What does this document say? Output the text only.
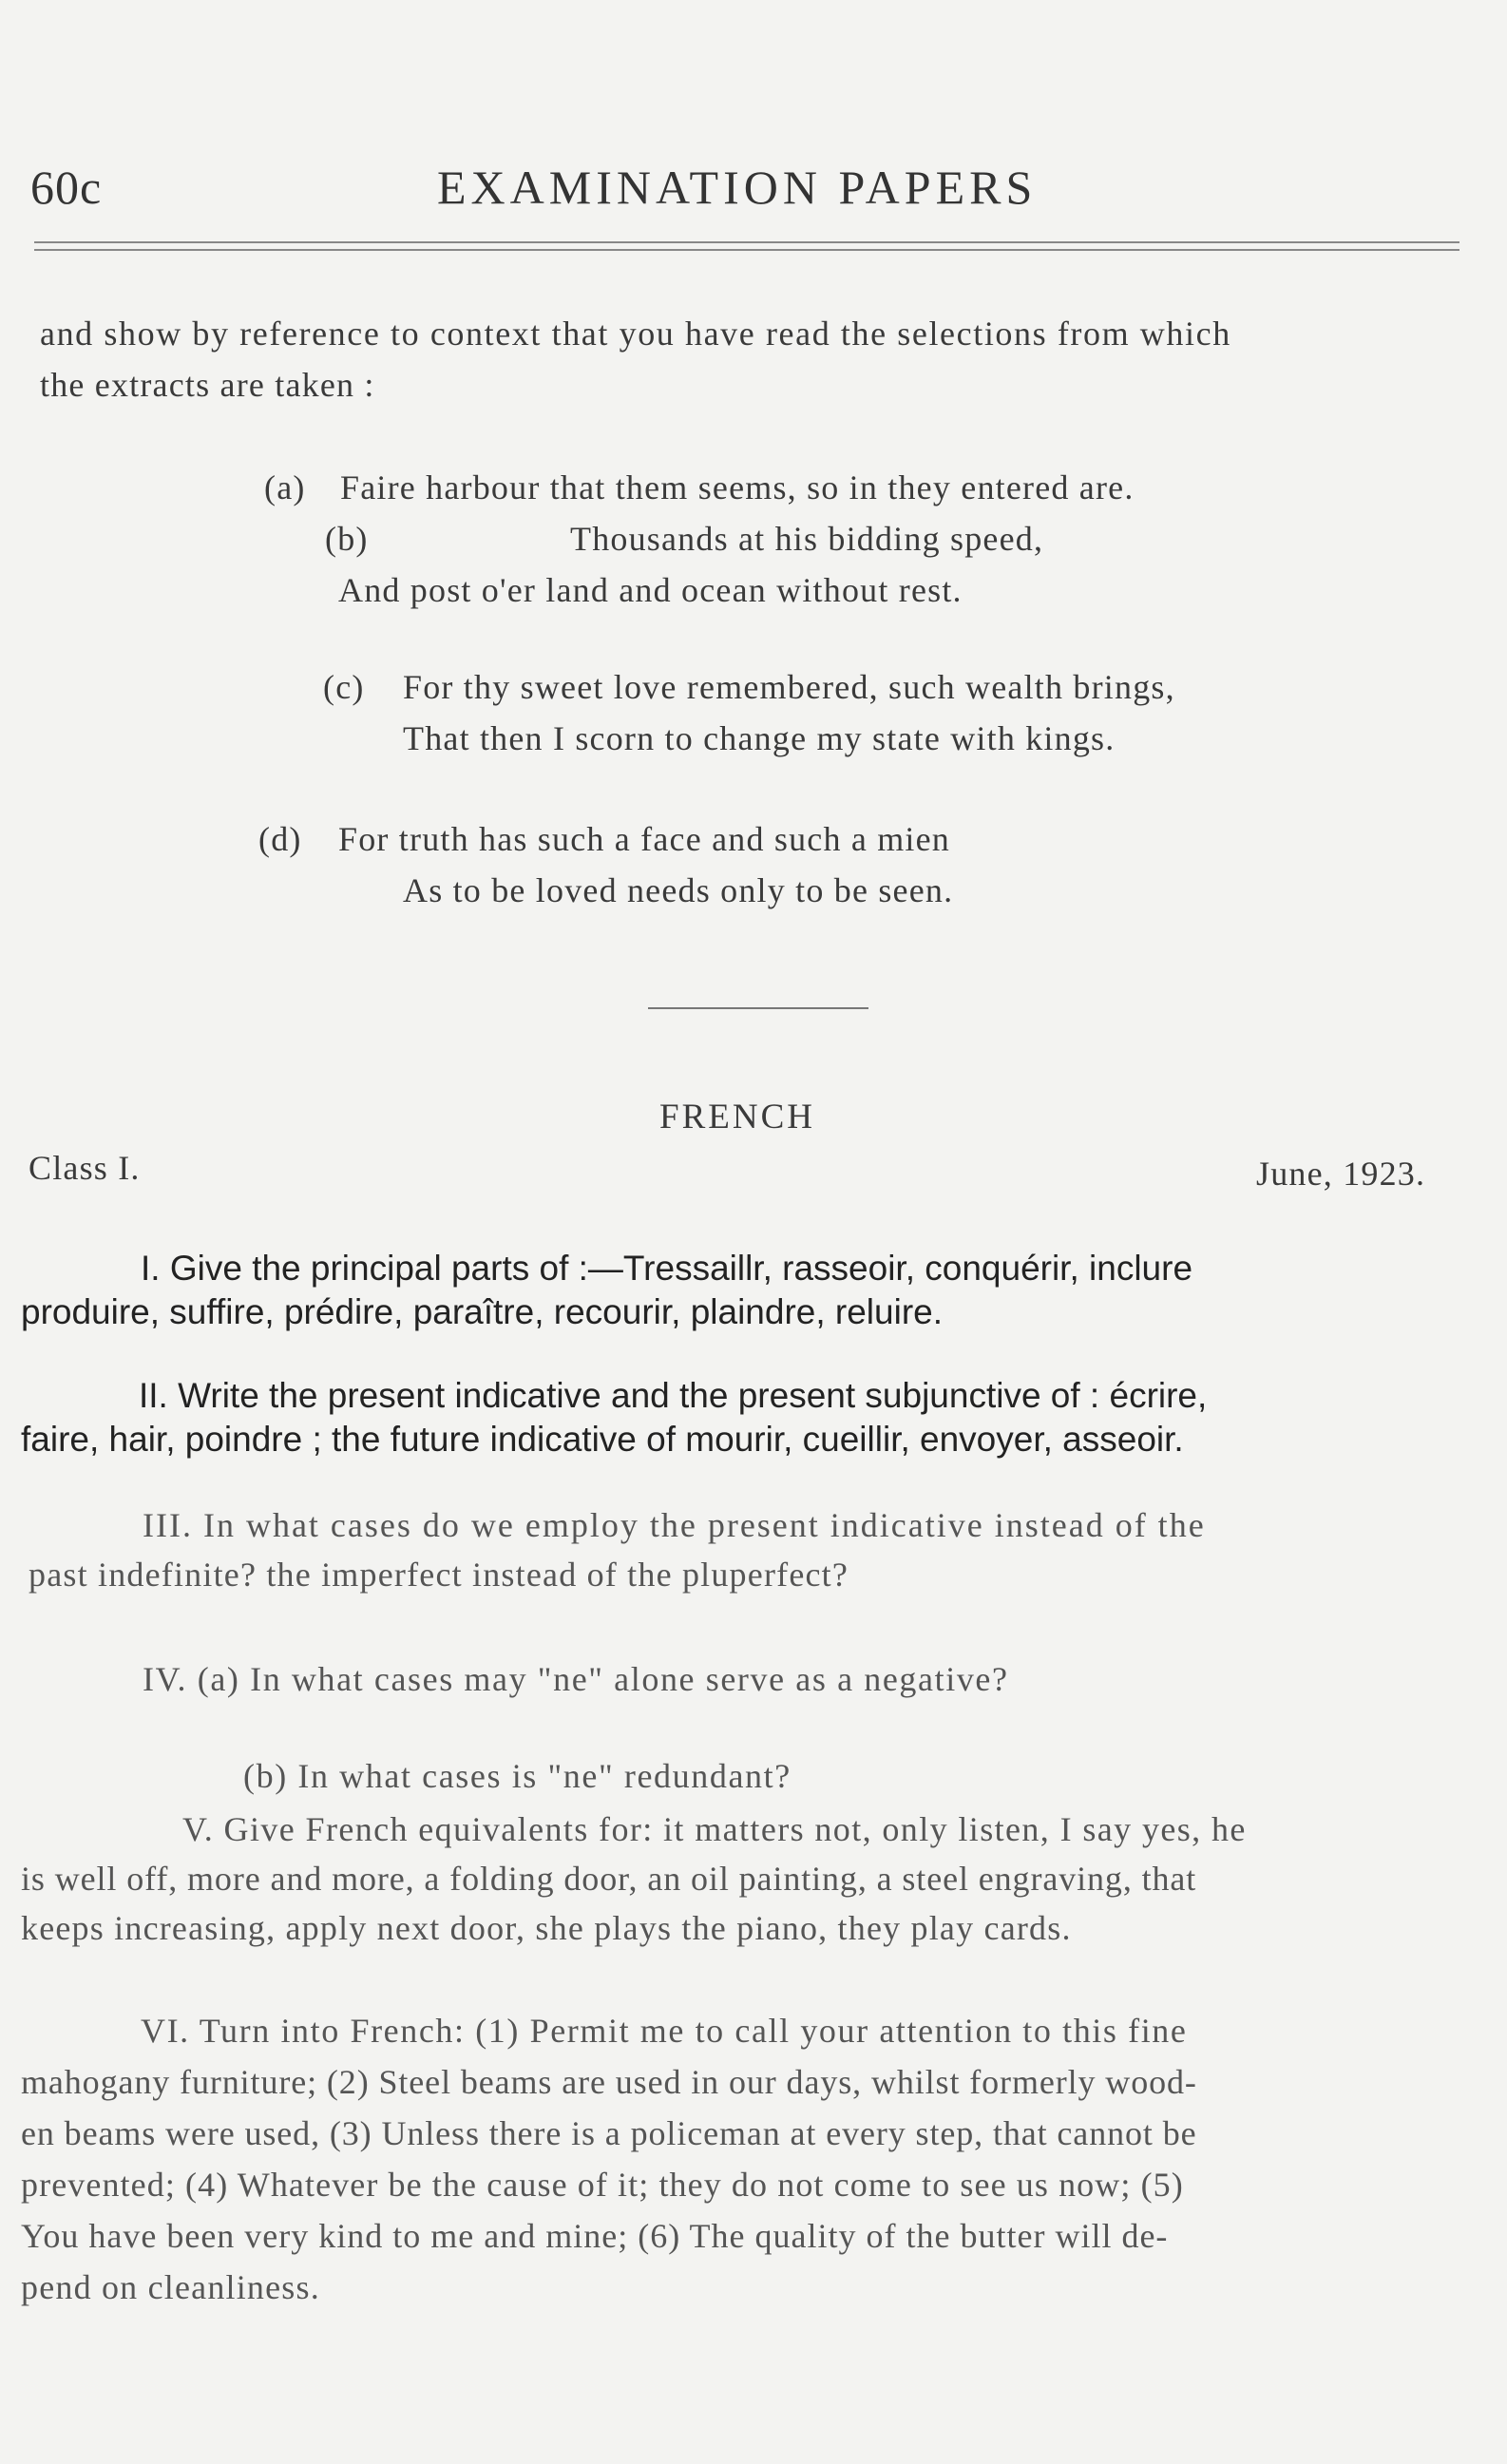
60c	EXAMINATION PAPERS
and show by reference to context that you have read the selections from which
the extracts are taken :
(a) Faire harbour that them seems, so in they entered are.
(b)	Thousands at his bidding speed,
And post o'er land and ocean without rest.
(c) For thy sweet love remembered, such wealth brings,
That then I scorn to change my state with kings.
(d) For truth has such a face and such a mien
As to be loved needs only to be seen.
FRENCH
Class I.	June, 1923.
I. Give the principal parts of :—Tressaillr, rasseoir, conquérir, inclure
produire, suffire, prédire, paraître, recourir, plaindre, reluire.
II. Write the present indicative and the present subjunctive of : écrire,
faire, hair, poindre ; the future indicative of mourir, cueillir, envoyer, asseoir.
III. In what cases do we employ the present indicative instead of the
past indefinite? the imperfect instead of the pluperfect?
IV. (a) In what cases may "ne" alone serve as a negative?
(b) In what cases is "ne" redundant?
V. Give French equivalents for: it matters not, only listen, I say yes, he
is well off, more and more, a folding door, an oil painting, a steel engraving, that
keeps increasing, apply next door, she plays the piano, they play cards.
VI. Turn into French: (1) Permit me to call your attention to this fine
mahogany furniture; (2) Steel beams are used in our days, whilst formerly wood-
en beams were used, (3) Unless there is a policeman at every step, that cannot be
prevented; (4) Whatever be the cause of it; they do not come to see us now; (5)
You have been very kind to me and mine; (6) The quality of the butter will de-
pend on cleanliness.
